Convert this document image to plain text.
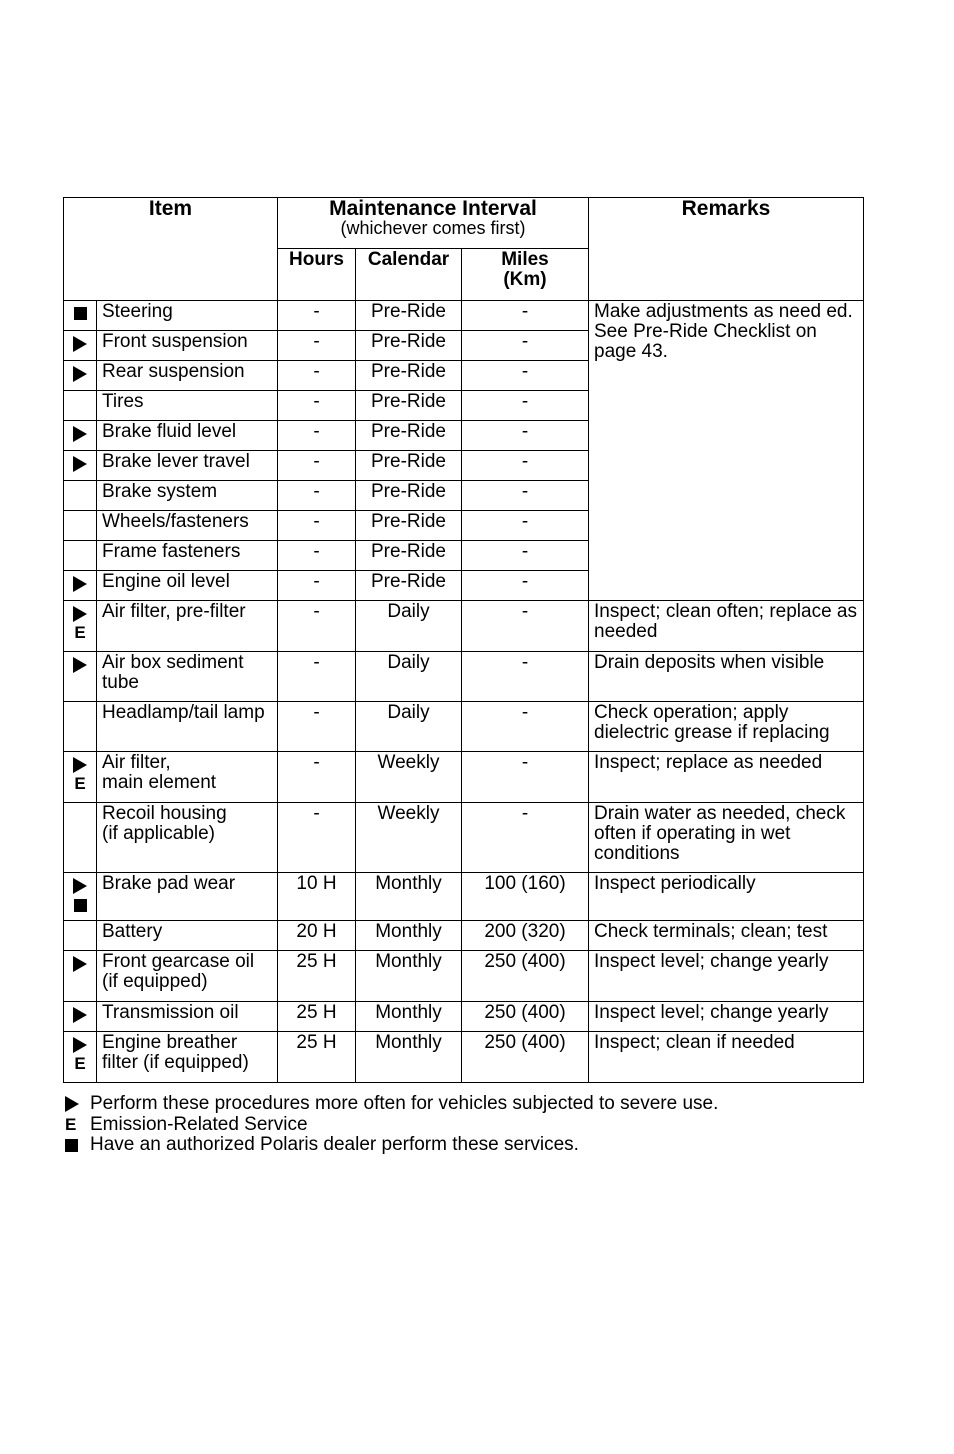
Item		Maintenance Interval
(whichever comes first)			Remarks
		Hours	Calendar	Miles
(Km)	

	Steering	-	Pre-Ride	-	Make adjustments as need ed. See Pre-Ride Checklist on page 43.

	Front suspension	-	Pre-Ride	-	

	Rear suspension	-	Pre-Ride	-	
	Tires	-	Pre-Ride	-	

	Brake fluid level	-	Pre-Ride	-	

	Brake lever travel	-	Pre-Ride	-	
	Brake system	-	Pre-Ride	-	
	Wheels/fasteners	-	Pre-Ride	-	
	Frame fasteners	-	Pre-Ride	-	

	Engine oil level	-	Pre-Ride	-	

E	Air filter, pre-filter	-	Daily	-	Inspect; clean often; replace as needed

	Air box sediment tube	-	Daily	-	Drain deposits when visible
	Headlamp/tail lamp	-	Daily	-	Check operation; apply dielectric grease if replacing

E	Air filter,
main element	-	Weekly	-	Inspect; replace as needed
	Recoil housing
(if applicable)	-	Weekly	-	Drain water as needed, check often if operating in wet conditions

	Brake pad wear	10 H	Monthly	100 (160)	Inspect periodically
	Battery	20 H	Monthly	200 (320)	Check terminals; clean; test

	Front gearcase oil
(if equipped)	25 H	Monthly	250 (400)	Inspect level; change yearly

	Transmission oil	25 H	Monthly	250 (400)	Inspect level; change yearly

E	Engine breather
filter (if equipped)	25 H	Monthly	250 (400)	Inspect; clean if needed
Perform these procedures more often for vehicles subjected to severe use.
E Emission-Related Service
Have an authorized Polaris dealer perform these services.
